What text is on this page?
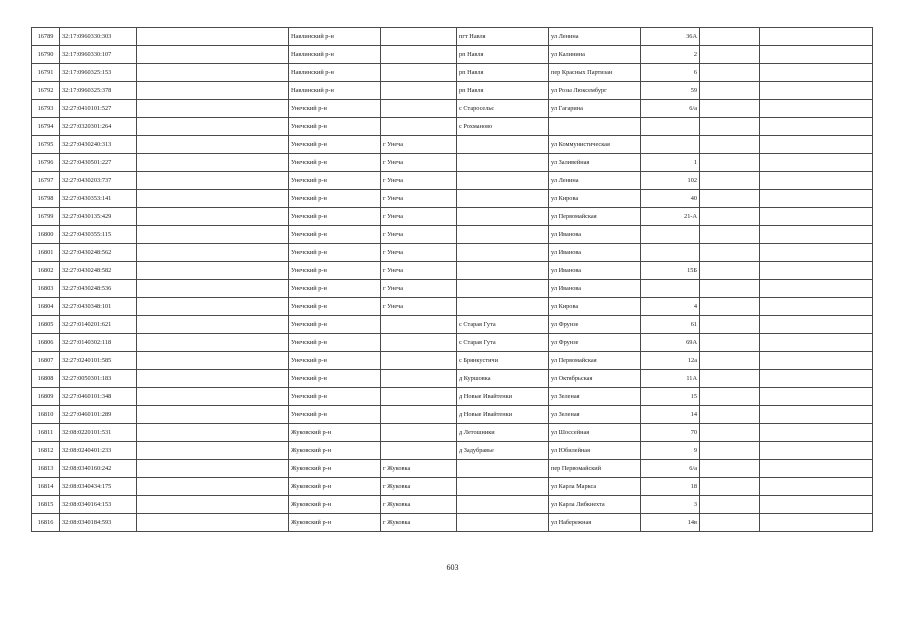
16789	32:17:0960330:303		Навлинский р-н		пгт Навля	ул Ленина	36А		
16790	32:17:0960330:107		Навлинский р-н		рп Навля	ул Калинина	2		
16791	32:17:0960325:153		Навлинский р-н		рп Навля	пер Красных Партизан	6		
16792	32:17:0960325:378		Навлинский р-н		рп Навля	ул Розы Люксембург	59		
16793	32:27:0410101:527		Унечский р-н		с Старосельє	ул Гагарина	6/а		
16794	32:27:0320301:264		Унечский р-н		с Рохманово				
16795	32:27:0430240:313		Унечский р-н	г Унеча		ул Коммунистическая			
16796	32:27:0430501:227		Унечский р-н	г Унеча		ул Заливейная	1		
16797	32:27:0430203:737		Унечский р-н	г Унеча		ул Ленина	102		
16798	32:27:0430353:141		Унечский р-н	г Унеча		ул Кирова	40		
16799	32:27:0430135:429		Унечский р-н	г Унеча		ул Первомайская	21-А		
16800	32:27:0430355:115		Унечский р-н	г Унеча		ул Иванова			
16801	32:27:0430248:562		Унечский р-н	г Унеча		ул Иванова			
16802	32:27:0430248:582		Унечский р-н	г Унеча		ул Иванова	15Б		
16803	32:27:0430248:536		Унечский р-н	г Унеча		ул Иванова			
16804	32:27:0430348:101		Унечский р-н	г Унеча		ул Кирова	4		
16805	32:27:0140201:621		Унечский р-н		с Старая Гута	ул Фрунзе	61		
16806	32:27:0140302:118		Унечский р-н		с Старая Гута	ул Фрунзе	69А		
16807	32:27:0240101:585		Унечский р-н		с Брянкустичи	ул Первомайская	12а		
16808	32:27:0050301:183		Унечский р-н		д Куршовка	ул Октябрьская	11А		
16809	32:27:0460101:348		Унечский р-н		д Новые Ивайтенки	ул Зеленая	15		
16810	32:27:0460101:289		Унечский р-н		д Новые Ивайтенки	ул Зеленая	14		
16811	32:08:0220101:531		Жуковский р-н		д Летошники	ул Шоссейная	70		
16812	32:08:0240401:233		Жуковский р-н		д Задубравье	ул Юбилейная	9		
16813	32:08:0340160:242		Жуковский р-н	г Жуковка		пер Первомайский	6/а		
16814	32:08:0340434:175		Жуковский р-н	г Жуковка		ул Карла Маркса	18		
16815	32:08:0340164:153		Жуковский р-н	г Жуковка		ул Карла Либкнехта	3		
16816	32:08:0340184:593		Жуковский р-н	г Жуковка		ул Набережная	14в		
603
